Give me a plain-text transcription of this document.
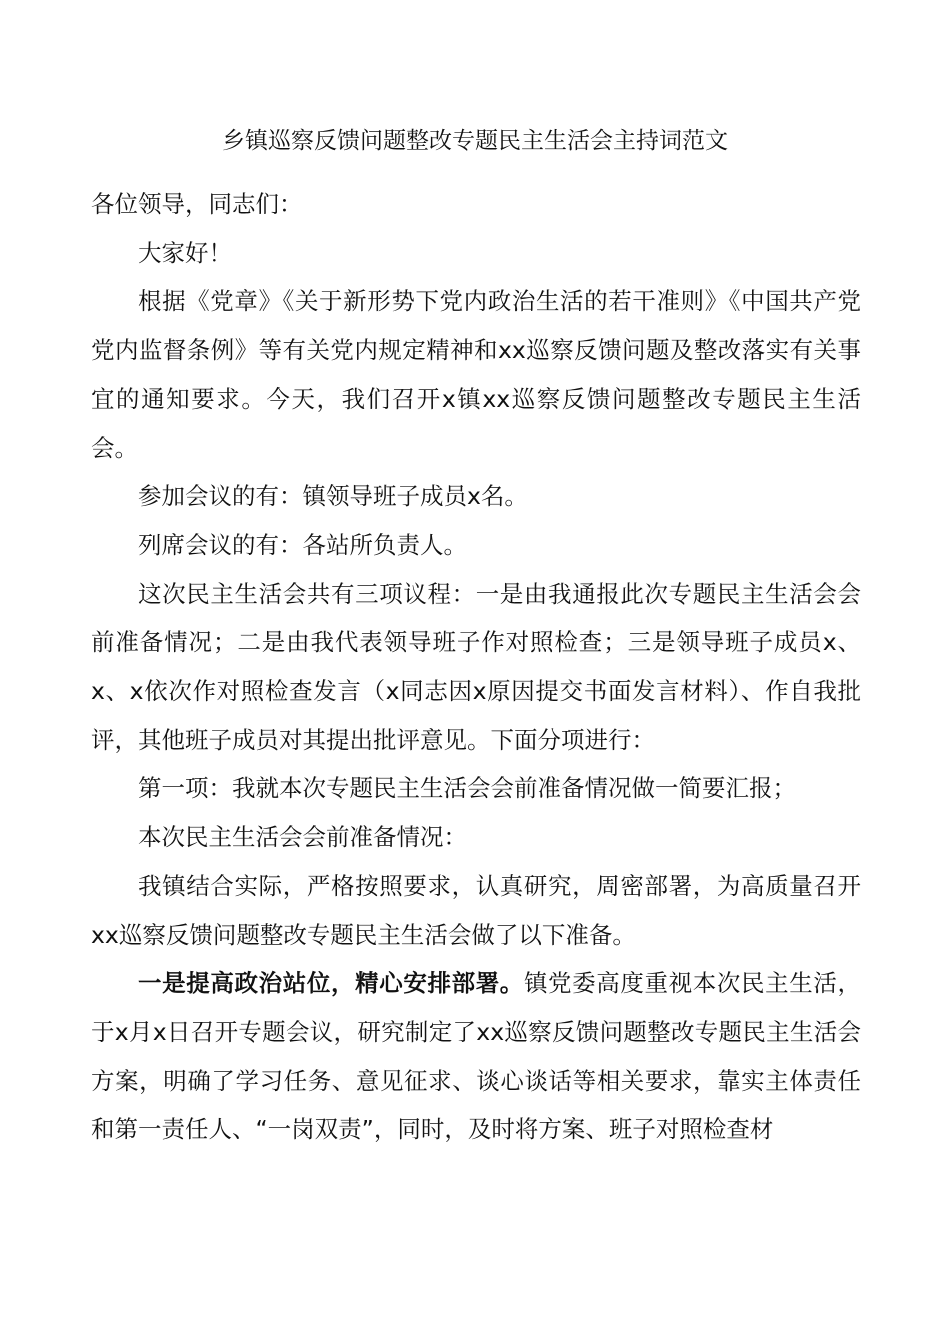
乡镇巡察反馈问题整改专题民主生活会主持词范文

各位领导，同志们：

大家好！

根据《党章》《关于新形势下党内政治生活的若干准则》《中国共产党党内监督条例》等有关党内规定精神和xx巡察反馈问题及整改落实有关事宜的通知要求。今天，我们召开x镇xx巡察反馈问题整改专题民主生活会。

参加会议的有：镇领导班子成员x名。

列席会议的有：各站所负责人。

这次民主生活会共有三项议程：一是由我通报此次专题民主生活会会前准备情况；二是由我代表领导班子作对照检查；三是领导班子成员x、x、x依次作对照检查发言（x同志因x原因提交书面发言材料）、作自我批评，其他班子成员对其提出批评意见。下面分项进行：

第一项：我就本次专题民主生活会会前准备情况做一简要汇报；

本次民主生活会会前准备情况：

我镇结合实际，严格按照要求，认真研究，周密部署，为高质量召开xx巡察反馈问题整改专题民主生活会做了以下准备。

一是提高政治站位，精心安排部署。镇党委高度重视本次民主生活，于x月x日召开专题会议，研究制定了xx巡察反馈问题整改专题民主生活会方案，明确了学习任务、意见征求、谈心谈话等相关要求，靠实主体责任和第一责任人、“一岗双责”，同时，及时将方案、班子对照检查材
